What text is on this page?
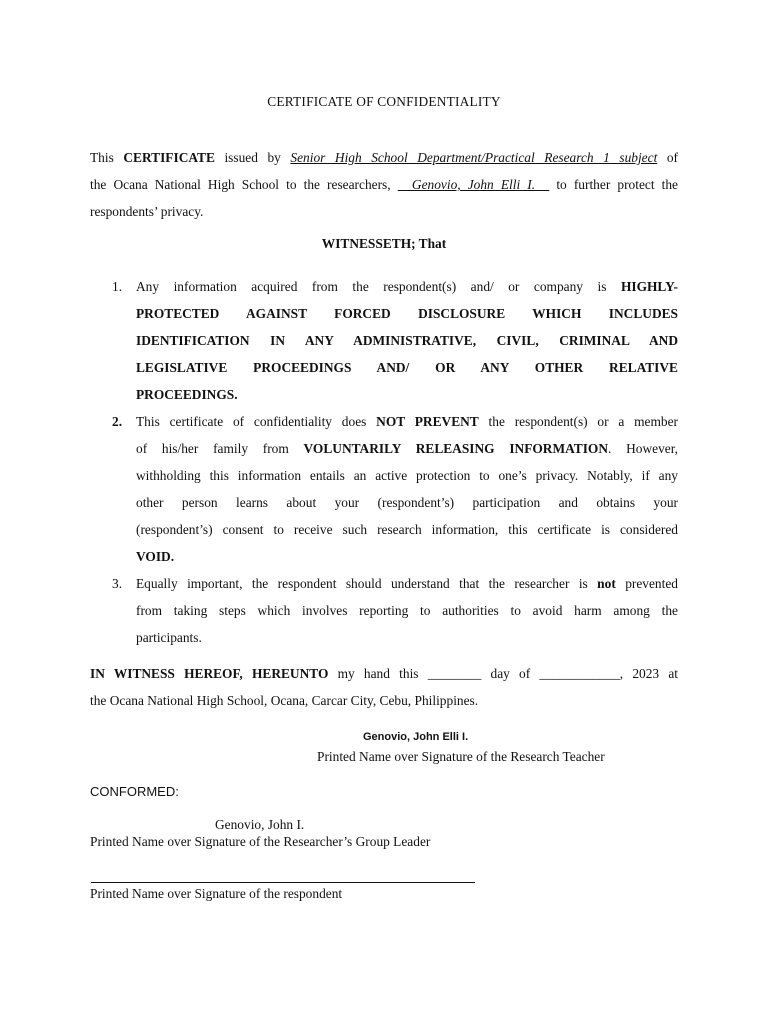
CERTIFICATE OF CONFIDENTIALITY
This CERTIFICATE issued by Senior High School Department/Practical Research 1 subject of
the Ocana National High School to the researchers,   Genovio, John Elli I.   to further protect the
respondents’ privacy.
WITNESSETH; That
1. Any information acquired from the respondent(s) and/ or company is HIGHLY-
PROTECTED AGAINST FORCED DISCLOSURE WHICH INCLUDES
IDENTIFICATION IN ANY ADMINISTRATIVE, CIVIL, CRIMINAL AND
LEGISLATIVE PROCEEDINGS AND/ OR ANY OTHER RELATIVE
PROCEEDINGS.
2. This certificate of confidentiality does NOT PREVENT the respondent(s) or a member
of his/her family from VOLUNTARILY RELEASING INFORMATION. However,
withholding this information entails an active protection to one’s privacy. Notably, if any
other person learns about your (respondent’s) participation and obtains your
(respondent’s) consent to receive such research information, this certificate is considered
VOID.
3. Equally important, the respondent should understand that the researcher is not prevented
from taking steps which involves reporting to authorities to avoid harm among the
participants.
IN WITNESS HEREOF, HEREUNTO my hand this ________ day of ____________, 2023 at
the Ocana National High School, Ocana, Carcar City, Cebu, Philippines.
Genovio, John Elli I.
Printed Name over Signature of the Research Teacher
CONFORMED:
Genovio, John I.
Printed Name over Signature of the Researcher’s Group Leader
Printed Name over Signature of the respondent
